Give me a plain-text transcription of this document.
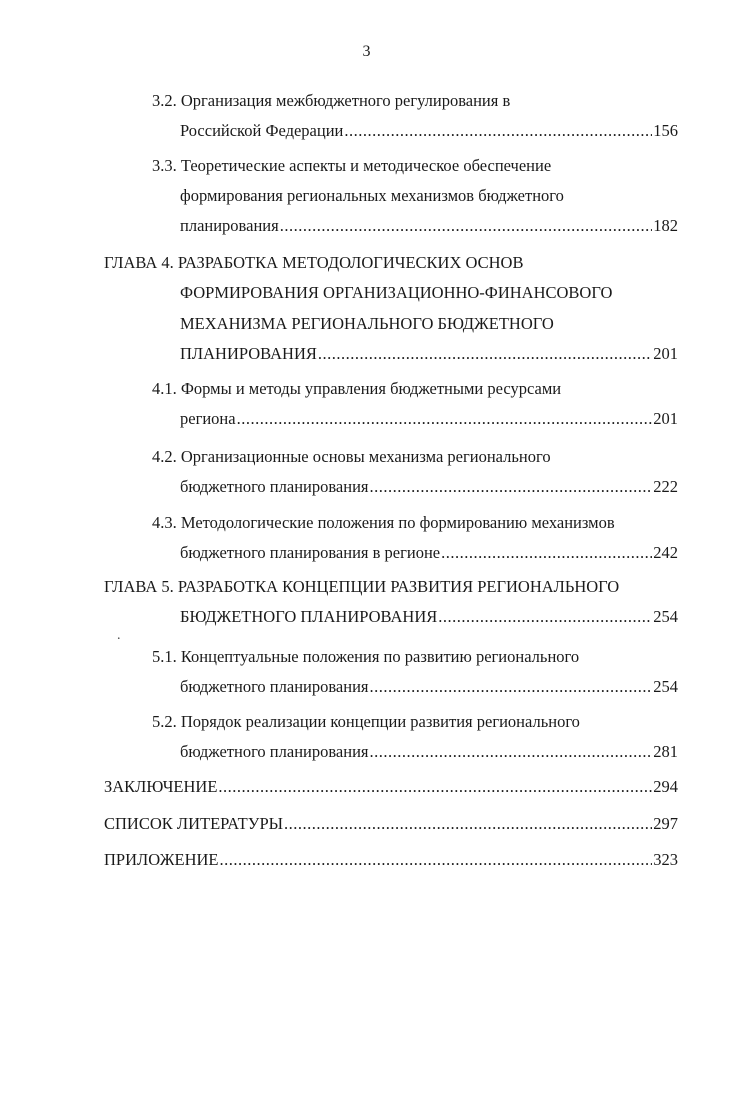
3
3.2. Организация межбюджетного регулирования в
Российской Федерации .....	156
3.3. Теоретические аспекты и методическое обеспечение
формирования региональных механизмов бюджетного
планирования .....	182
ГЛАВА 4. РАЗРАБОТКА МЕТОДОЛОГИЧЕСКИХ ОСНОВ
ФОРМИРОВАНИЯ ОРГАНИЗАЦИОННО-ФИНАНСОВОГО
МЕХАНИЗМА РЕГИОНАЛЬНОГО БЮДЖЕТНОГО
ПЛАНИРОВАНИЯ .....	201
4.1. Формы и методы управления бюджетными ресурсами
региона .....	201
4.2. Организационные основы механизма регионального
бюджетного планирования .....	222
4.3. Методологические положения по формированию механизмов
бюджетного планирования в регионе .....	242
ГЛАВА 5. РАЗРАБОТКА КОНЦЕПЦИИ РАЗВИТИЯ РЕГИОНАЛЬНОГО
БЮДЖЕТНОГО ПЛАНИРОВАНИЯ .....	254
5.1. Концептуальные положения по развитию регионального
бюджетного планирования .....	254
5.2. Порядок реализации концепции развития регионального
бюджетного планирования .....	281
ЗАКЛЮЧЕНИЕ .....	294
СПИСОК ЛИТЕРАТУРЫ .....	297
ПРИЛОЖЕНИЕ .....	323
.
